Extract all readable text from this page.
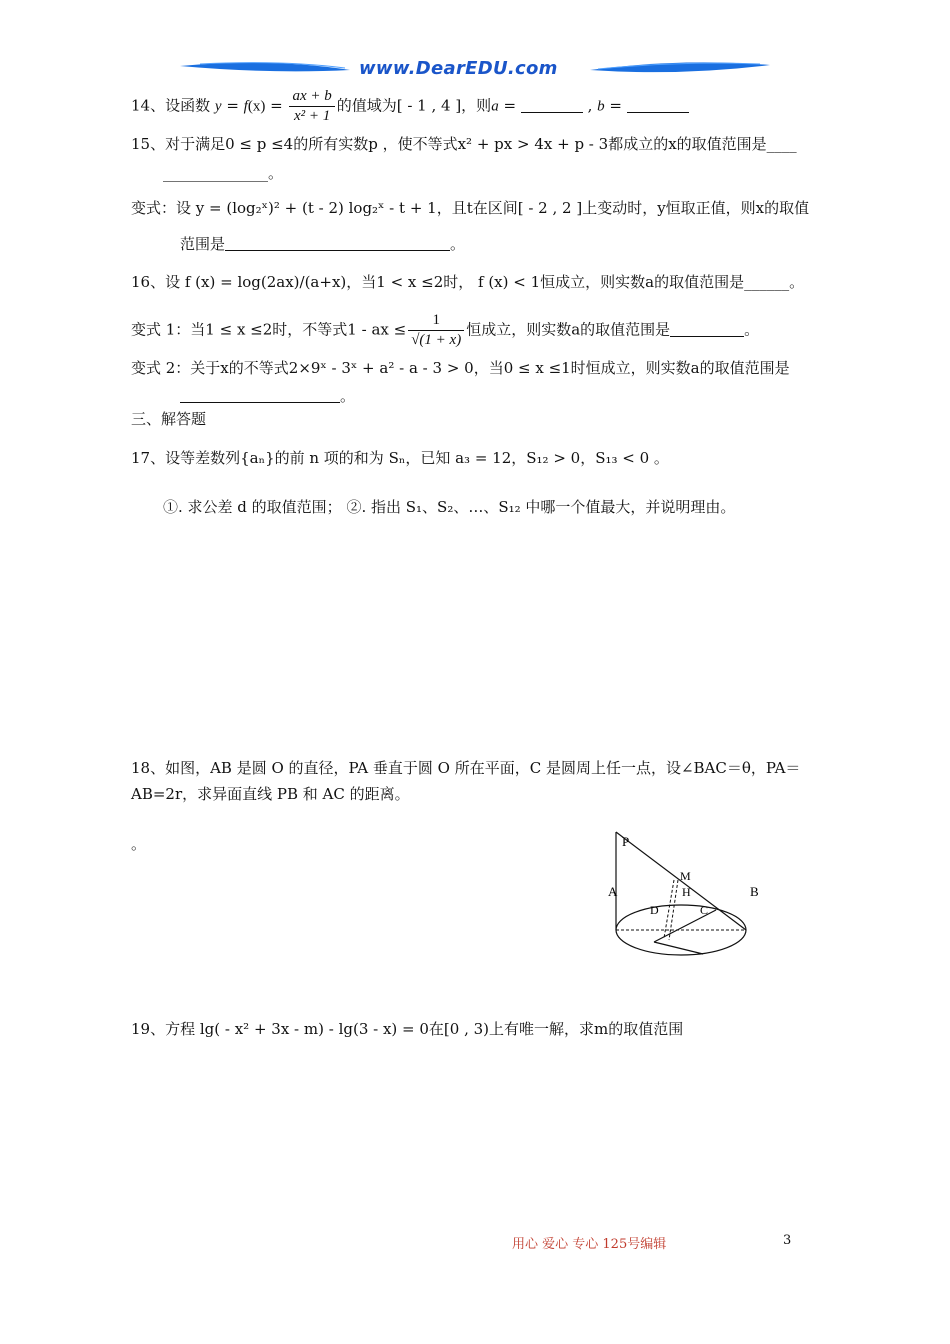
www.DearEDU.com
14、设函数 $y = f(x) = \frac{ax + b}{\text{x² + 1}}$ 的值域为[ - 1 , 4 ]，则a =	, b =
15、对于满足0 ≤ p ≤4的所有实数p ，使不等式x² + px > 4x + p - 3都成立的x的取值范围是____
______________。
变式：设 y = (log₂ˣ)² + (t - 2) log₂ˣ - t + 1，且t在区间[ - 2 , 2 ]上变动时，y恒取正值，则x的取值
范围是	。
16、设 f (x) = log(2ax)/(a+x)，当1 < x ≤2时， f (x) < 1恒成立，则实数a的取值范围是______。
变式 1：当1 ≤ x ≤2时，不等式1 - ax ≤ $\frac{1}{√(1 + x)}$ 恒成立，则实数a的取值范围是	。
变式 2：关于x的不等式2×9ˣ - 3ˣ + a² - a - 3 > 0，当0 ≤ x ≤1时恒成立，则实数a的取值范围是
。
三、解答题
17、设等差数列{aₙ}的前 n 项的和为 Sₙ，已知 a₃ = 12，S₁₂ > 0，S₁₃ < 0 。
①. 求公差 d 的取值范围； ②. 指出 S₁、S₂、…、S₁₂ 中哪一个值最大，并说明理由。
18、如图，AB 是圆 O 的直径，PA 垂直于圆 O 所在平面，C 是圆周上任一点，设∠BAC＝θ，PA＝
AB=2r，求异面直线 PB 和 AC 的距离。
。	P
M
A	H	B
D	C
19、方程 lg( - x² + 3x - m) - lg(3 - x) = 0在[0 , 3)上有唯一解，求m的取值范围
用心 爱心 专心 125号编辑	3
